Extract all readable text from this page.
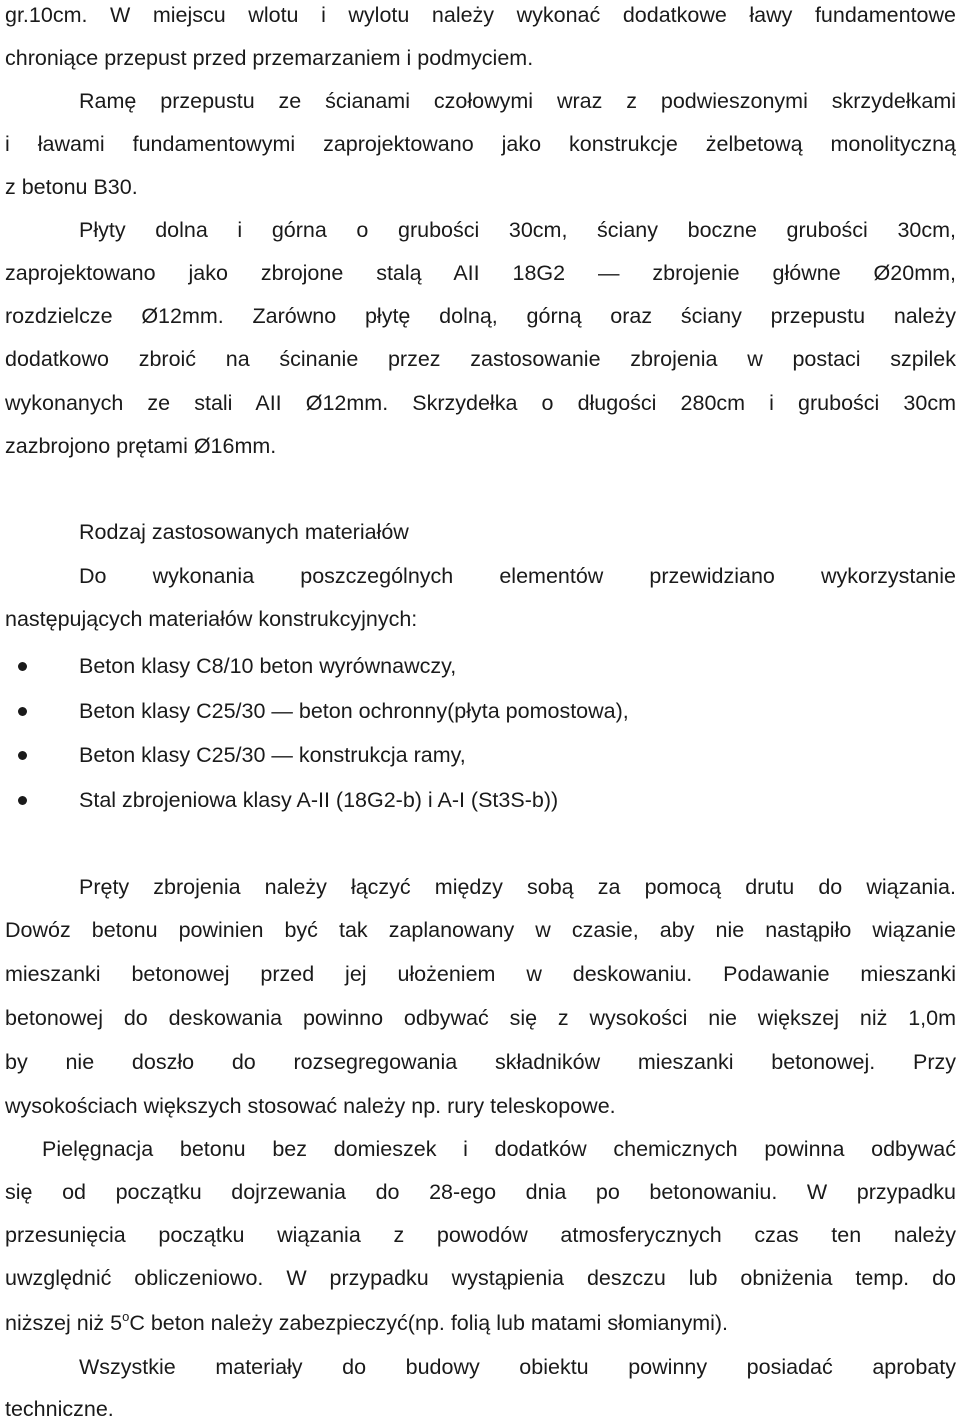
gr.10cm. W miejscu wlotu i wylotu należy wykonać dodatkowe ławy fundamentowe
chroniące przepust przed przemarzaniem i podmyciem.
Ramę przepustu ze ścianami czołowymi wraz z podwieszonymi skrzydełkami
i ławami fundamentowymi zaprojektowano jako konstrukcje żelbetową monolityczną
z betonu B30.
Płyty dolna i górna o grubości 30cm, ściany boczne grubości 30cm,
zaprojektowano jako zbrojone stalą AII 18G2 — zbrojenie główne Ø20mm,
rozdzielcze Ø12mm. Zarówno płytę dolną, górną oraz ściany przepustu należy
dodatkowo zbroić na ścinanie przez zastosowanie zbrojenia w postaci szpilek
wykonanych ze stali AII Ø12mm. Skrzydełka o długości 280cm i grubości 30cm
zazbrojono prętami Ø16mm.
Rodzaj zastosowanych materiałów
Do wykonania poszczególnych elementów przewidziano wykorzystanie
następujących materiałów konstrukcyjnych:
Beton klasy C8/10 beton wyrównawczy,
Beton klasy C25/30 — beton ochronny(płyta pomostowa),
Beton klasy C25/30 — konstrukcja ramy,
Stal zbrojeniowa klasy A-II (18G2-b) i A-I (St3S-b))
Pręty zbrojenia należy łączyć między sobą za pomocą drutu do wiązania.
Dowóz betonu powinien być tak zaplanowany w czasie, aby nie nastąpiło wiązanie
mieszanki betonowej przed jej ułożeniem w deskowaniu. Podawanie mieszanki
betonowej do deskowania powinno odbywać się z wysokości nie większej niż 1,0m
by nie doszło do rozsegregowania składników mieszanki betonowej. Przy
wysokościach większych stosować należy np. rury teleskopowe.
Pielęgnacja betonu bez domieszek i dodatków chemicznych powinna odbywać
się od początku dojrzewania do 28-ego dnia po betonowaniu. W przypadku
przesunięcia początku wiązania z powodów atmosferycznych czas ten należy
uwzględnić obliczeniowo. W przypadku wystąpienia deszczu lub obniżenia temp. do
niższej niż 5$^o$C beton należy zabezpieczyć(np. folią lub matami słomianymi).
Wszystkie materiały do budowy obiektu powinny posiadać aprobaty
techniczne.
